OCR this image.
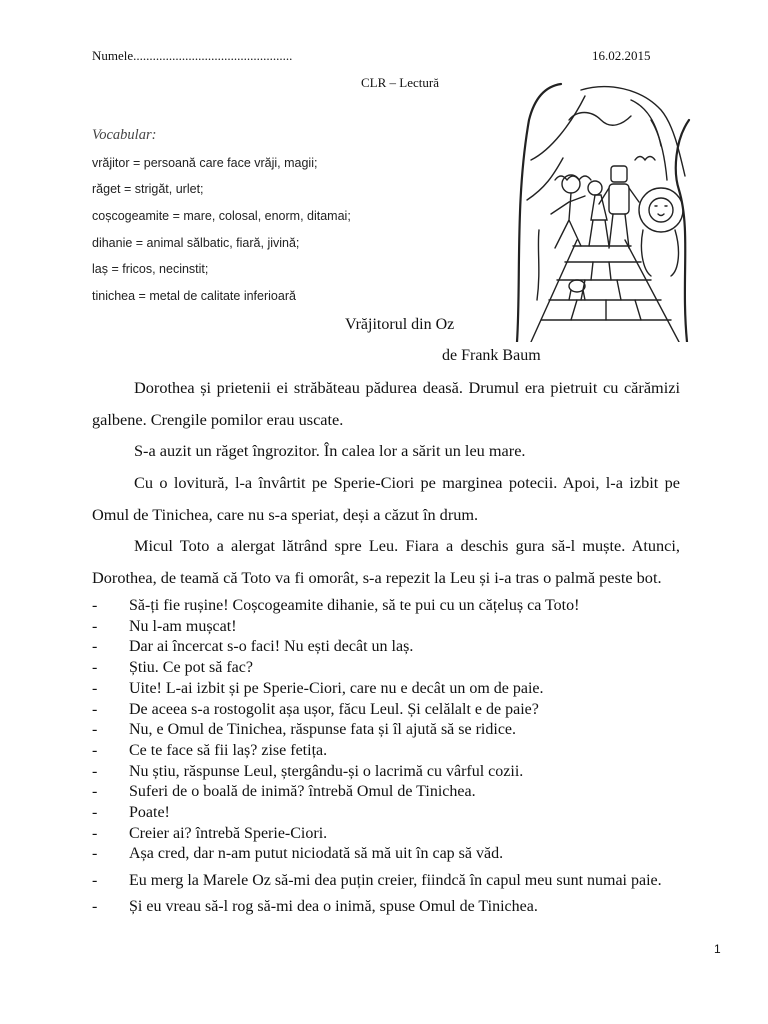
Numele.................................................	16.02.2015
CLR – Lectură
Vocabular:
vrăjitor = persoană care face vrăji, magii;
răget = strigăt, urlet;
coșcogeamite = mare, colosal, enorm, ditamai;
dihanie = animal sălbatic, fiară, jivină;
laș = fricos, necinstit;
tinichea = metal de calitate inferioară
Vrăjitorul din Oz
de Frank Baum
Dorothea și prietenii ei străbăteau pădurea deasă. Drumul era pietruit cu cărămizi galbene. Crengile pomilor erau uscate.
S-a auzit un răget îngrozitor. În calea lor a sărit un leu mare.
Cu o lovitură, l-a învârtit pe Sperie-Ciori pe marginea potecii. Apoi, l-a izbit pe Omul de Tinichea, care nu s-a speriat, deși a căzut în drum.
Micul Toto a alergat lătrând spre Leu. Fiara a deschis gura să-l muște. Atunci, Dorothea, de teamă că Toto va fi omorât, s-a repezit la Leu și i-a tras o palmă peste bot.
- Să-ți fie rușine! Coșcogeamite dihanie, să te pui cu un cățeluș ca Toto!
- Nu l-am mușcat!
- Dar ai încercat s-o faci! Nu ești decât un laș.
- Știu. Ce pot să fac?
- Uite! L-ai izbit și pe Sperie-Ciori, care nu e decât un om de paie.
- De aceea s-a rostogolit așa ușor, făcu Leul. Și celălalt e de paie?
- Nu, e Omul de Tinichea, răspunse fata și îl ajută să se ridice.
- Ce te face să fii laș? zise fetița.
- Nu știu, răspunse Leul, ștergându-și o lacrimă cu vârful cozii.
- Suferi de o boală de inimă? întrebă Omul de Tinichea.
- Poate!
- Creier ai? întrebă Sperie-Ciori.
- Așa cred, dar n-am putut niciodată să mă uit în cap să văd.
- Eu merg la Marele Oz să-mi dea puțin creier, fiindcă în capul meu sunt numai paie.
- Și eu vreau să-l rog să-mi dea o inimă, spuse Omul de Tinichea.
1
